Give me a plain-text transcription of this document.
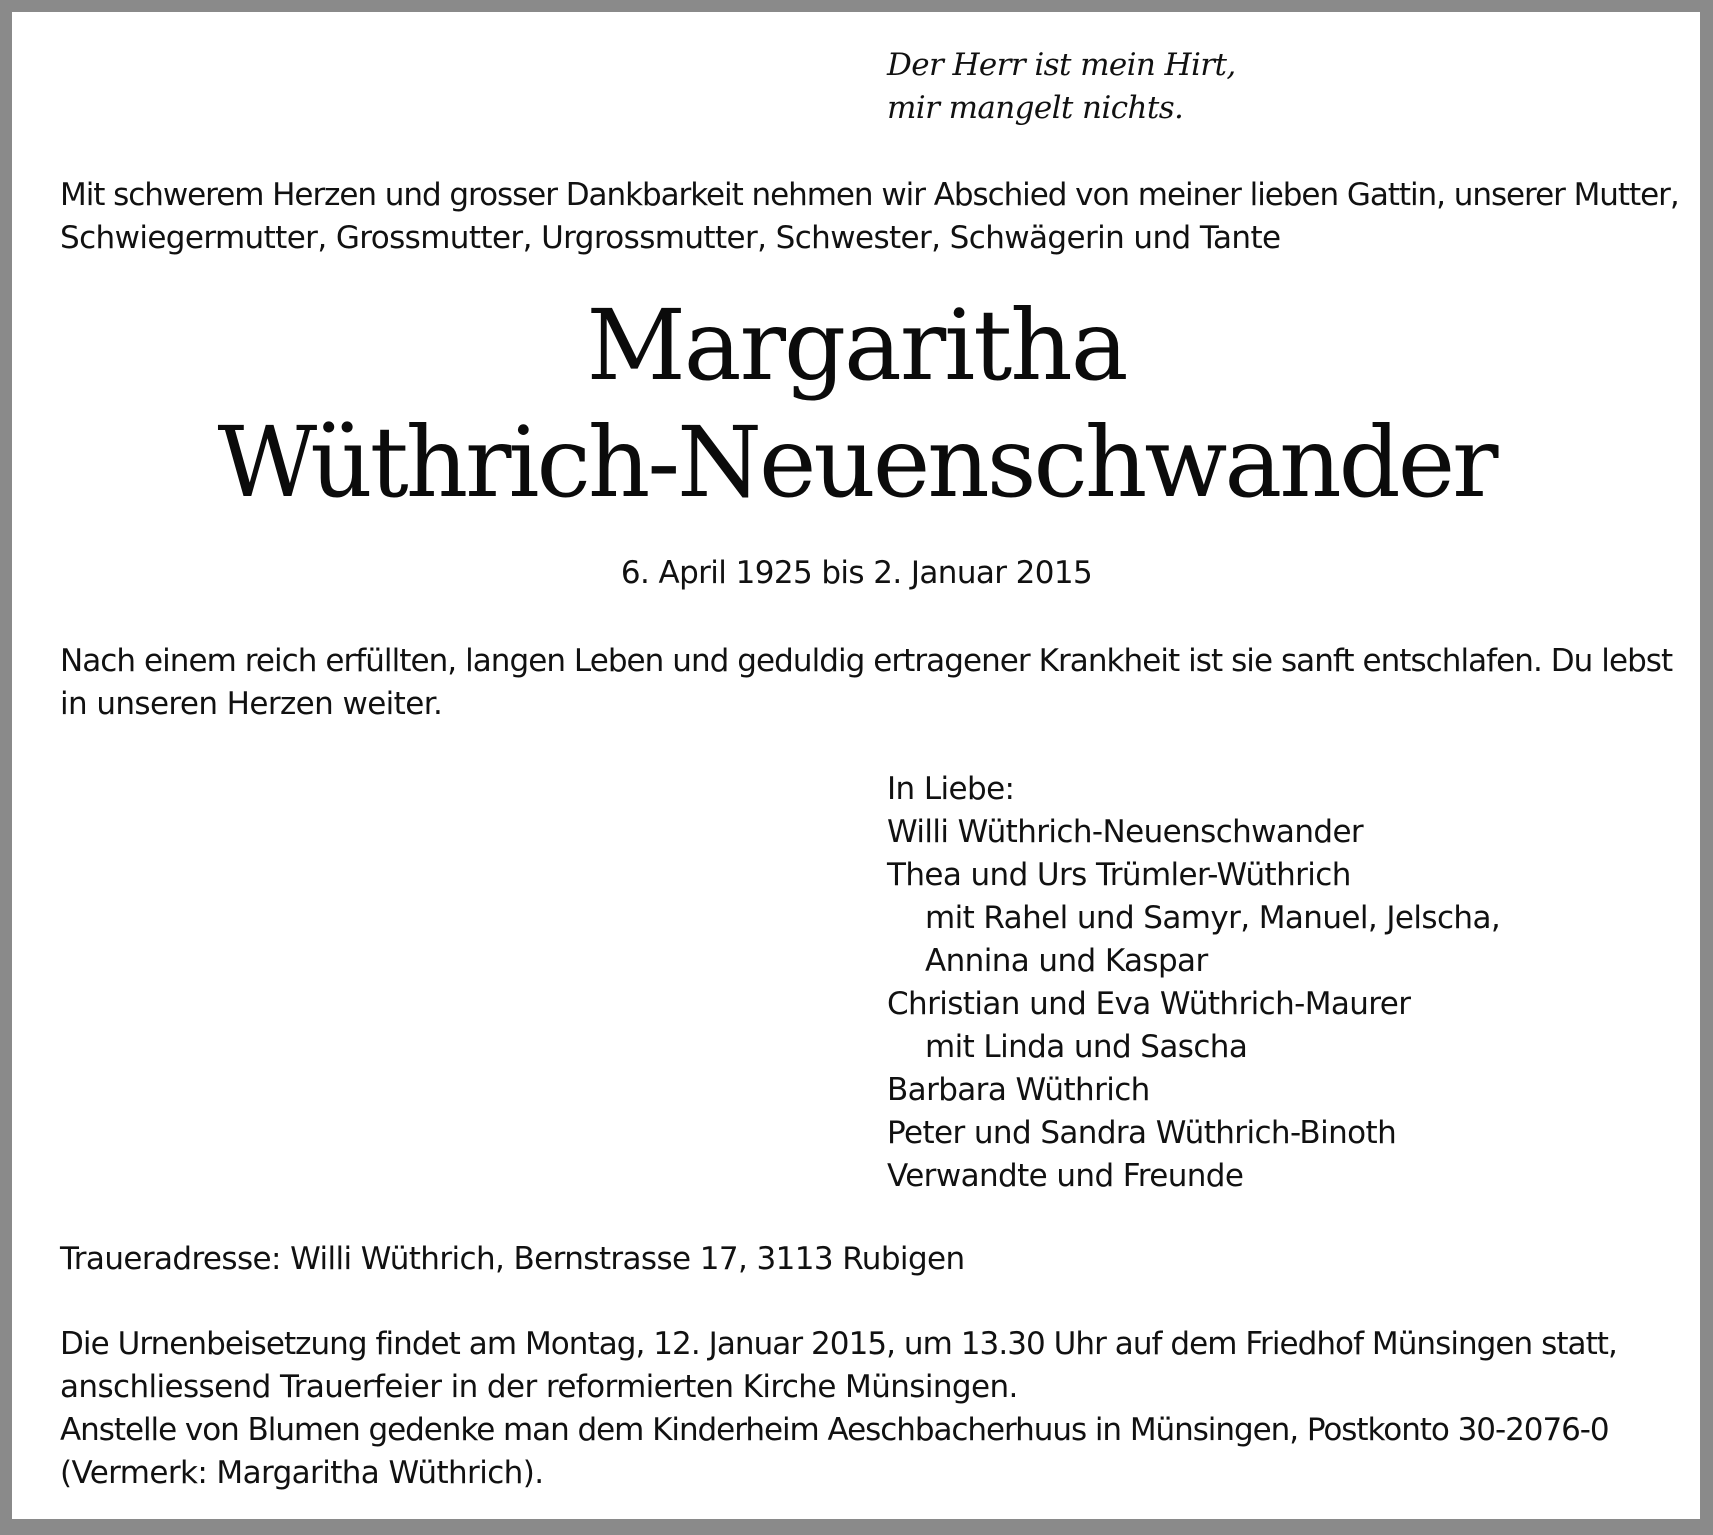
Der Herr ist mein Hirt,
mir mangelt nichts.
Mit schwerem Herzen und grosser Dankbarkeit nehmen wir Abschied von meiner lieben Gattin, unserer Mutter,
Schwiegermutter, Grossmutter, Urgrossmutter, Schwester, Schwägerin und Tante
Margaritha
Wüthrich-Neuenschwander
6. April 1925 bis 2. Januar 2015
Nach einem reich erfüllten, langen Leben und geduldig ertragener Krankheit ist sie sanft entschlafen. Du lebst
in unseren Herzen weiter.
In Liebe:
Willi Wüthrich-Neuenschwander
Thea und Urs Trümler-Wüthrich
mit Rahel und Samyr, Manuel, Jelscha,
Annina und Kaspar
Christian und Eva Wüthrich-Maurer
mit Linda und Sascha
Barbara Wüthrich
Peter und Sandra Wüthrich-Binoth
Verwandte und Freunde
Traueradresse: Willi Wüthrich, Bernstrasse 17, 3113 Rubigen
Die Urnenbeisetzung findet am Montag, 12. Januar 2015, um 13.30 Uhr auf dem Friedhof Münsingen statt,
anschliessend Trauerfeier in der reformierten Kirche Münsingen.
Anstelle von Blumen gedenke man dem Kinderheim Aeschbacherhuus in Münsingen, Postkonto 30-2076-0
(Vermerk: Margaritha Wüthrich).
